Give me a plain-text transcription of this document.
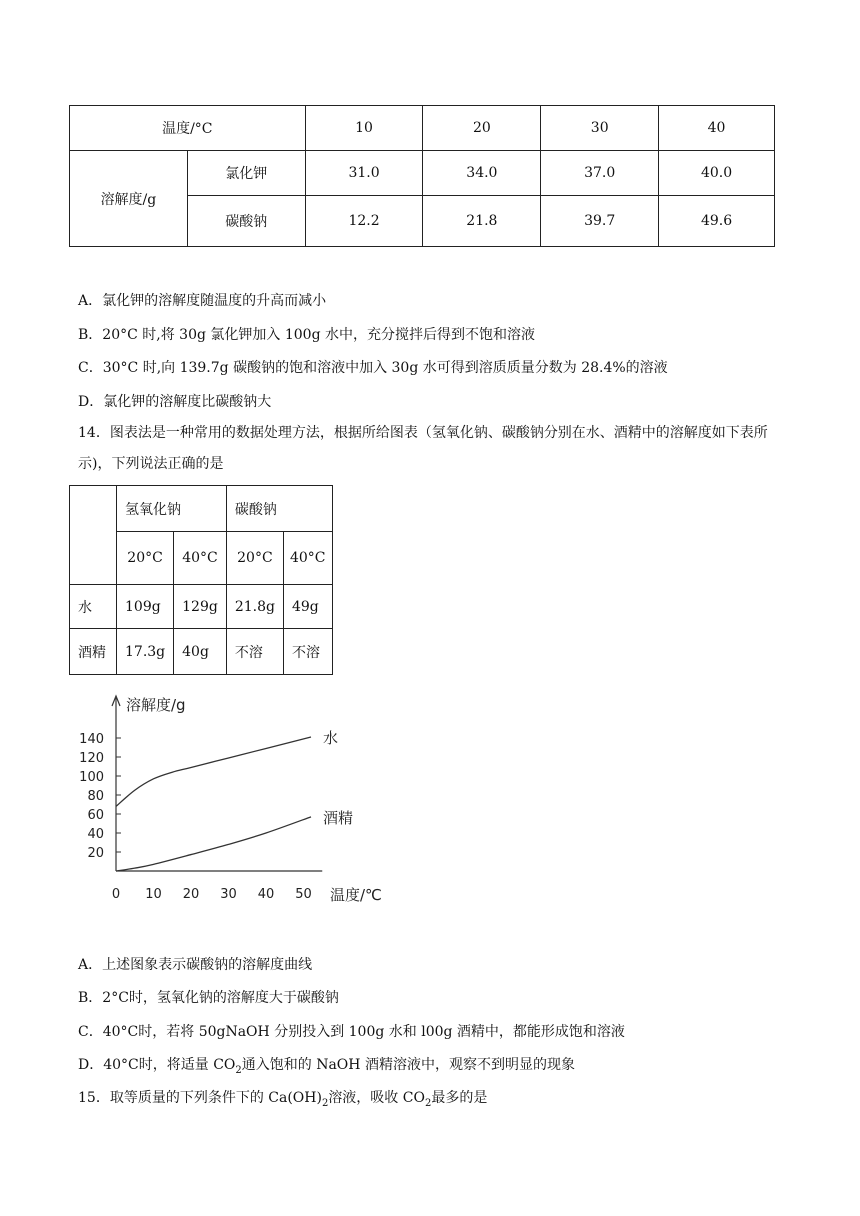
温度/°C		10	20	30	40
溶解度/g	氯化钾	31.0	34.0	37.0	40.0
	碳酸钠	12.2	21.8	39.7	49.6
A．氯化钾的溶解度随温度的升高而减小
B．20°C 时,将 30g 氯化钾加入 100g 水中，充分搅拌后得到不饱和溶液
C．30°C 时,向 139.7g 碳酸钠的饱和溶液中加入 30g 水可得到溶质质量分数为 28.4%的溶液
D．氯化钾的溶解度比碳酸钠大
14．图表法是一种常用的数据处理方法，根据所给图表（氢氧化钠、碳酸钠分别在水、酒精中的溶解度如下表所示)，下列说法正确的是
	氢氧化钠		碳酸钠	
	20°C	40°C	20°C	40°C
水	109g	129g	21.8g	49g
酒精	17.3g	40g	不溶	不溶
20
40
60
80
100
120
140
0 10 20 30 40 50
水
酒精
溶解度/g
温度/℃
A．上述图象表示碳酸钠的溶解度曲线
B．2°C时，氢氧化钠的溶解度大于碳酸钠
C．40°C时，若将 50gNaOH 分别投入到 100g 水和 l00g 酒精中，都能形成饱和溶液
D．40°C时，将适量 $CO_2$通入饱和的 NaOH 酒精溶液中，观察不到明显的现象
15．取等质量的下列条件下的 $Ca(OH)_2$溶液，吸收 $CO_2$最多的是
